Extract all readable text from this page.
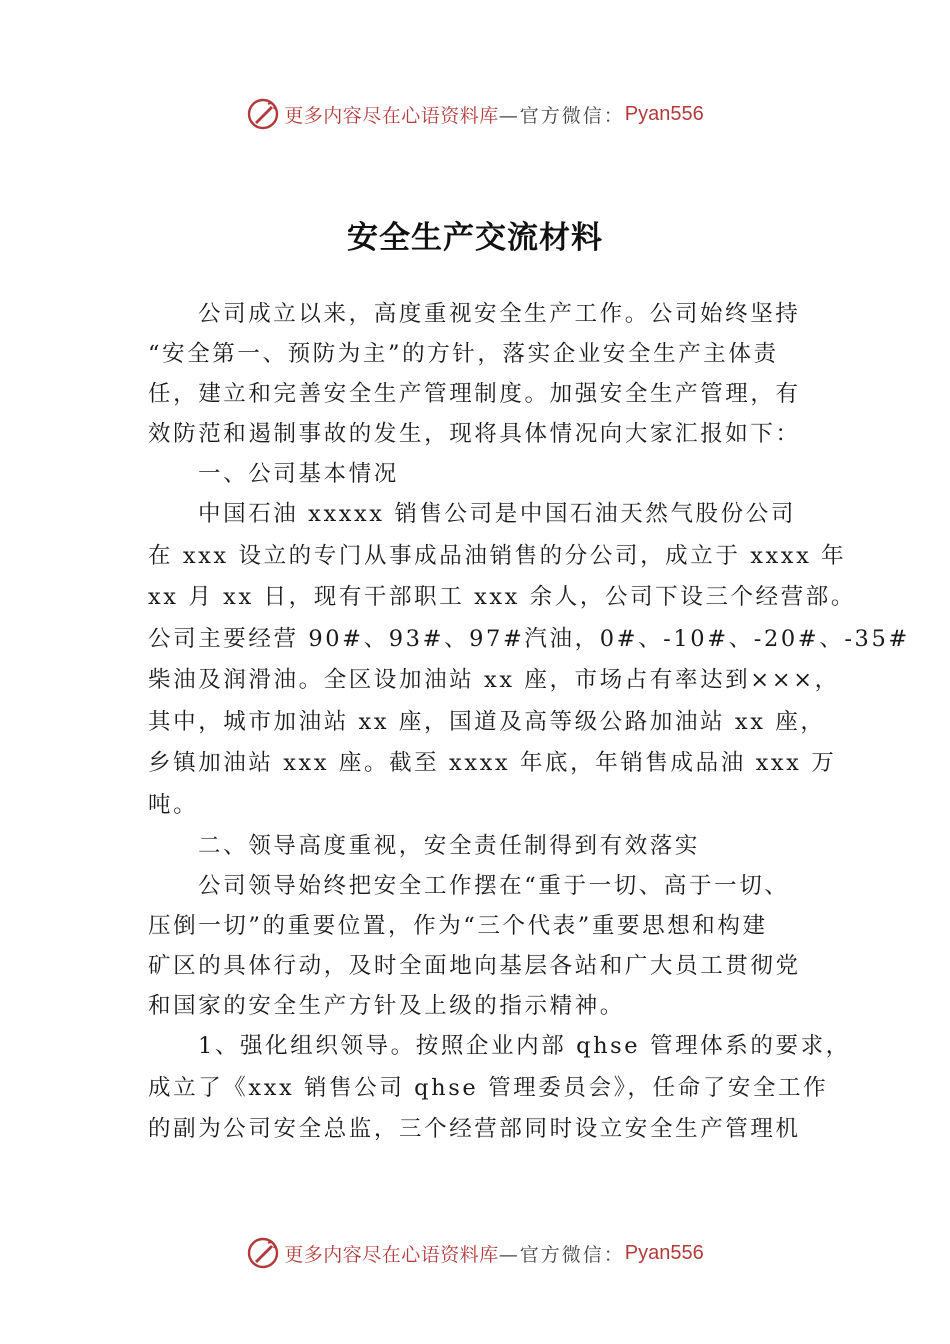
更多内容尽在心语资料库 —官方微信： Pyan556
安全生产交流材料

公司成立以来，高度重视安全生产工作。公司始终坚持

“安全第一、预防为主”的方针，落实企业安全生产主体责

任，建立和完善安全生产管理制度。加强安全生产管理，有

效防范和遏制事故的发生，现将具体情况向大家汇报如下：

一、公司基本情况

中国石油 xxxxx 销售公司是中国石油天然气股份公司

在 xxx 设立的专门从事成品油销售的分公司，成立于 xxxx 年

xx 月 xx 日，现有干部职工 xxx 余人，公司下设三个经营部。

公司主要经营 90#、93#、97#汽油，0#、-10#、-20#、-35#

柴油及润滑油。全区设加油站 xx 座，市场占有率达到×××，

其中，城市加油站 xx 座，国道及高等级公路加油站 xx 座，

乡镇加油站 xxx 座。截至 xxxx 年底，年销售成品油 xxx 万

吨。

二、领导高度重视，安全责任制得到有效落实

公司领导始终把安全工作摆在“重于一切、高于一切、

压倒一切”的重要位置，作为“三个代表”重要思想和构建

矿区的具体行动，及时全面地向基层各站和广大员工贯彻党

和国家的安全生产方针及上级的指示精神。

1、强化组织领导。按照企业内部 qhse 管理体系的要求，

成立了《xxx 销售公司 qhse 管理委员会》，任命了安全工作

的副为公司安全总监，三个经营部同时设立安全生产管理机

更多内容尽在心语资料库 —官方微信： Pyan556
